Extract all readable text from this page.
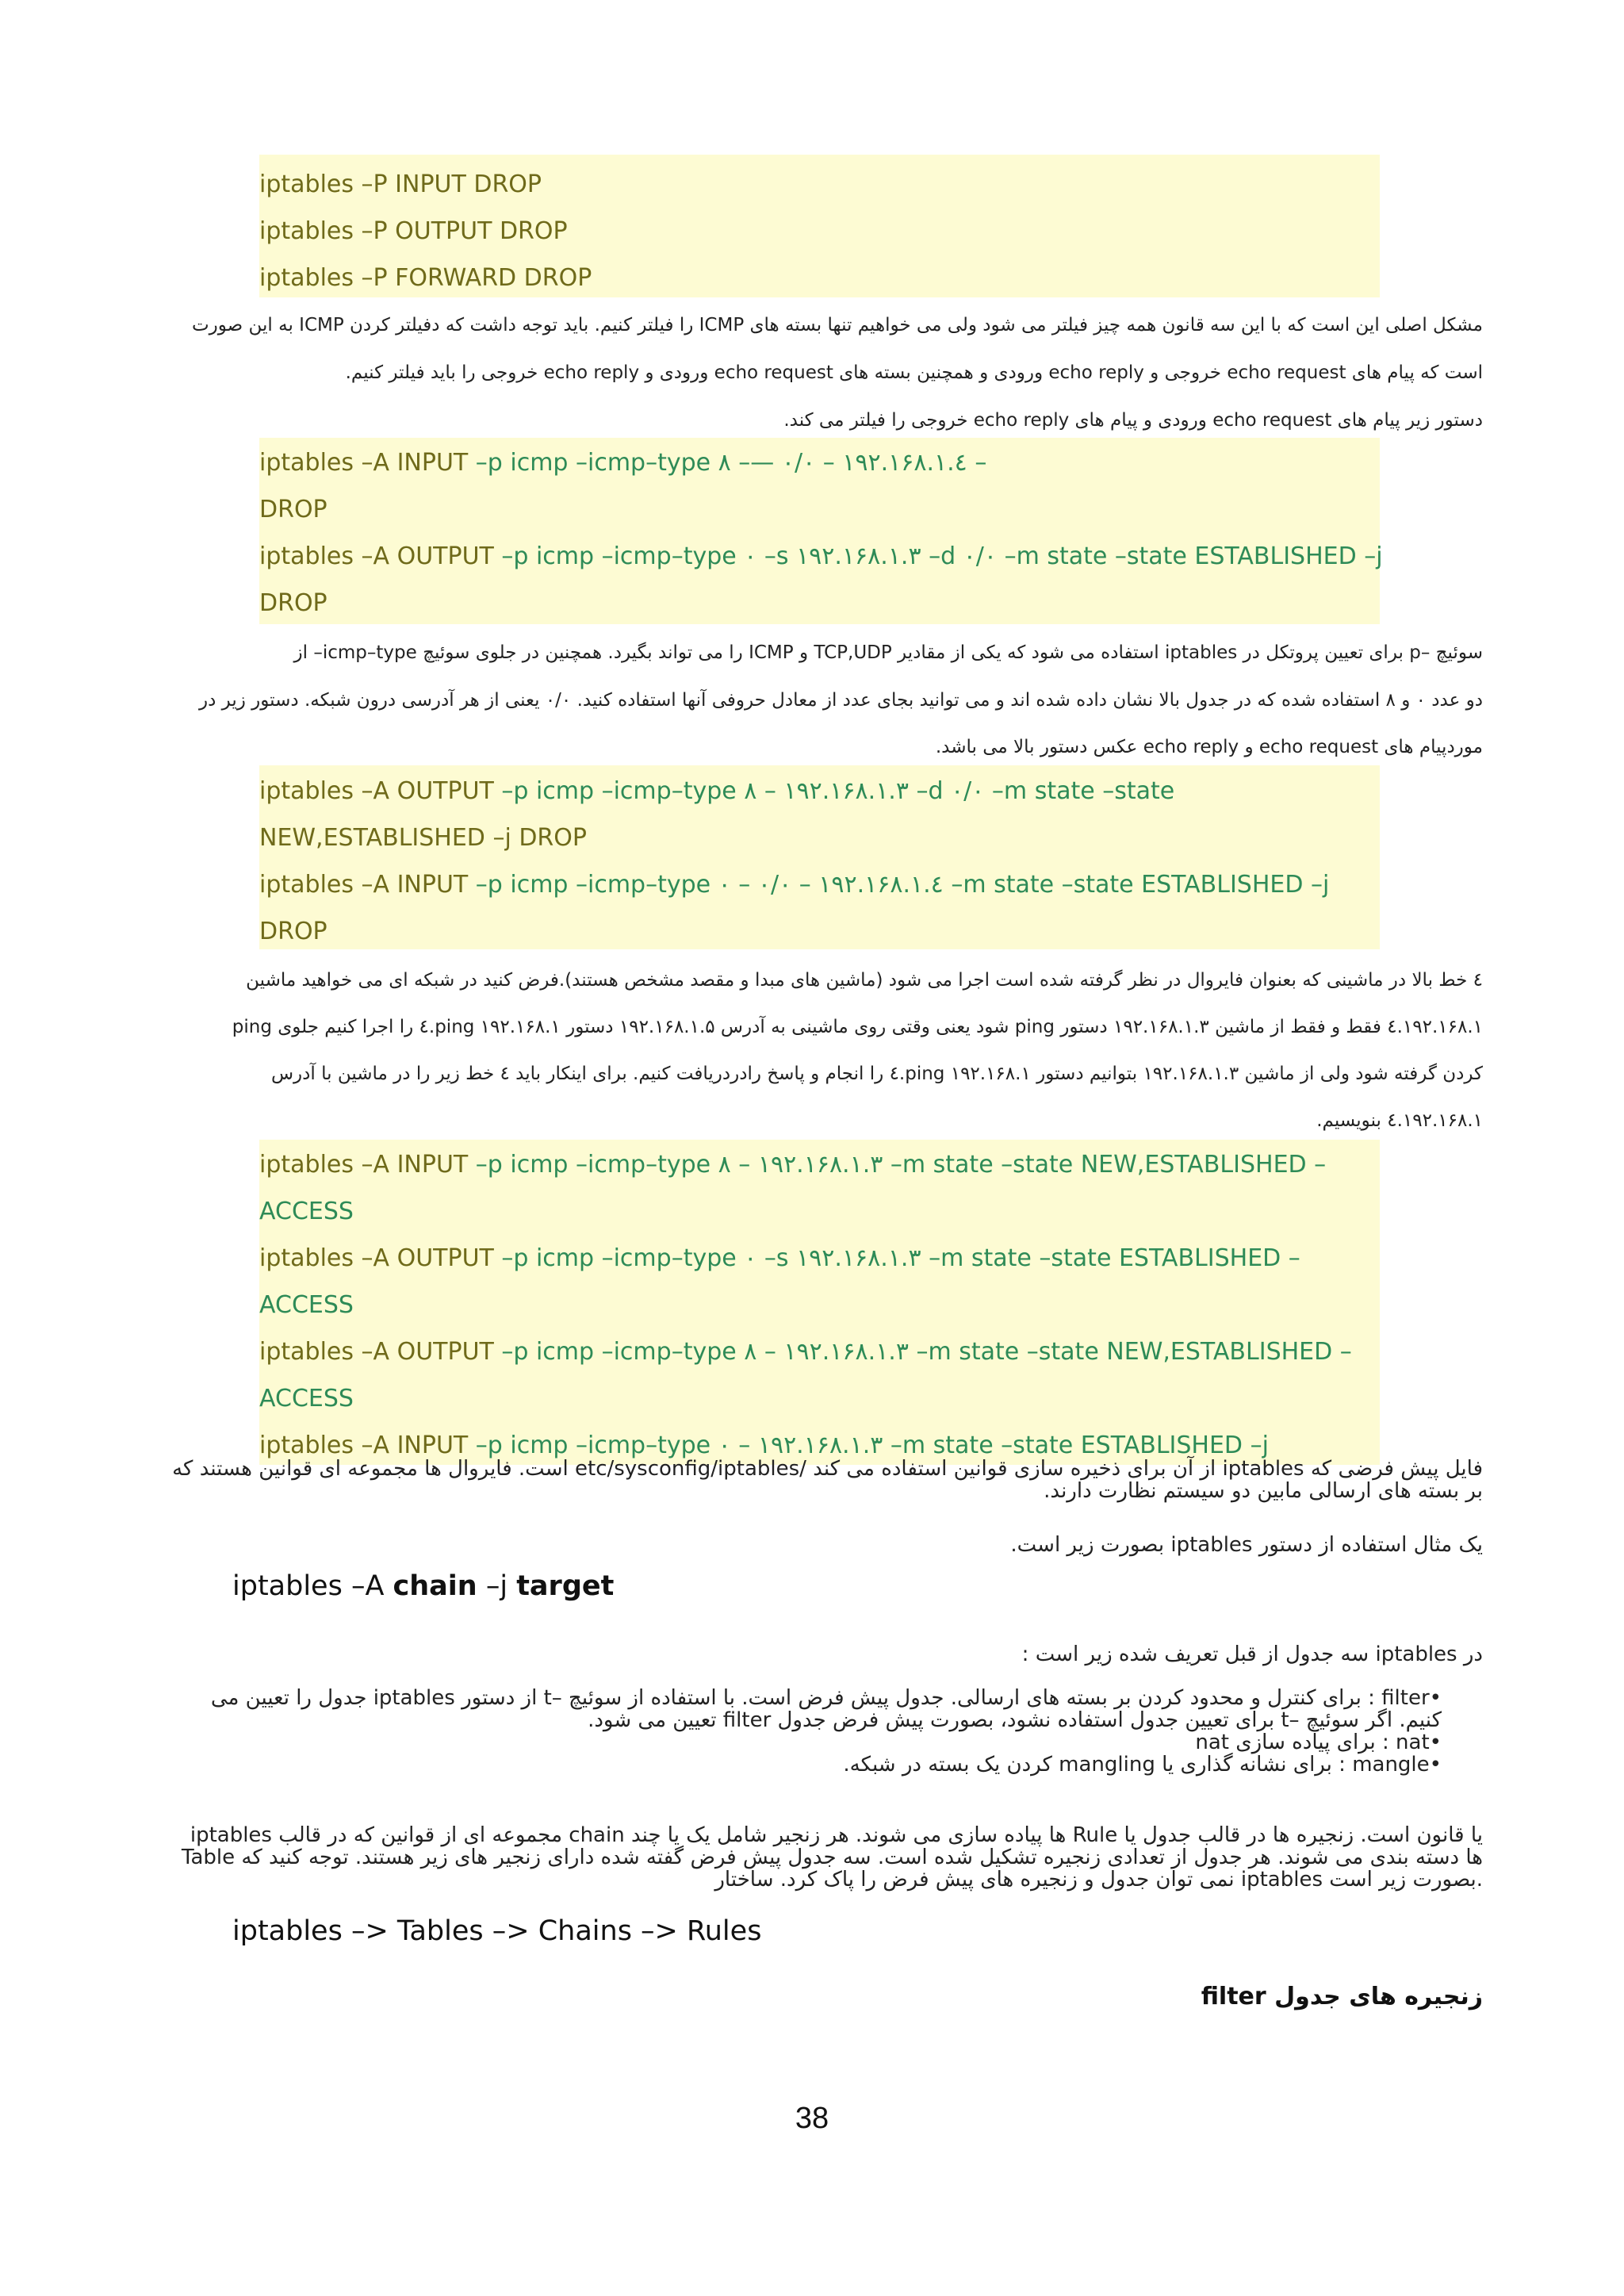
iptables –P INPUT DROP
iptables –P OUTPUT DROP
iptables –P FORWARD DROP
مشکل اصلی این است که با این سه قانون همه چیز فیلتر می شود ولی می خواهیم تنها بسته های ICMP را فیلتر کنیم. باید توجه داشت که دفیلتر کردن ICMP به این صورت
است که پیام های echo request خروجی و echo reply ورودی و همچنین بسته های echo request ورودی و echo reply خروجی را باید فیلتر کنیم.
دستور زیر پیام های echo request ورودی و پیام های echo reply خروجی را فیلتر می کند.
iptables –A INPUT –p icmp –icmp–type ۸ –— ۰/۰ – ۱۹۲.۱۶۸.۱.٤ –
DROP
iptables –A OUTPUT –p icmp –icmp–type ۰ –s ۱۹۲.۱۶۸.۱.۳ –d ۰/۰ –m state –state ESTABLISHED –j
DROP
سوئیچ –p برای تعیین پروتکل در iptables استفاده می شود که یکی از مقادیر TCP,UDP و ICMP را می تواند بگیرد. همچنین در جلوی سوئیچ icmp–type– از
دو عدد ۰ و ۸ استفاده شده که در جدول بالا نشان داده شده اند و می توانید بجای عدد از معادل حروفی آنها استفاده کنید. ۰/۰ یعنی از هر آدرسی درون شبکه. دستور زیر در
موردپیام های echo request و echo reply عکس دستور بالا می باشد.
iptables –A OUTPUT –p icmp –icmp–type ۸ – ۱۹۲.۱۶۸.۱.۳ –d ۰/۰ –m state –state
NEW,ESTABLISHED –j DROP
iptables –A INPUT –p icmp –icmp–type ۰ – ۰/۰ – ۱۹۲.۱۶۸.۱.٤ –m state –state ESTABLISHED –j
DROP
٤ خط بالا در ماشینی که بعنوان فایروال در نظر گرفته شده است اجرا می شود (ماشین های مبدا و مقصد مشخص هستند).فرض کنید در شبکه ای می خواهید ماشین
۱۹۲.۱۶۸.۱.٤ فقط و فقط از ماشین ۱۹۲.۱۶۸.۱.۳ دستور ping شود یعنی وقتی روی ماشینی به آدرس ۱۹۲.۱۶۸.۱.۵ دستور ping ۱۹۲.۱۶۸.۱.٤ را اجرا کنیم جلوی ping
کردن گرفته شود ولی از ماشین ۱۹۲.۱۶۸.۱.۳ بتوانیم دستور ping ۱۹۲.۱۶۸.۱.٤ را انجام و پاسخ رادردریافت کنیم. برای اینکار باید ٤ خط زیر را در ماشین با آدرس
۱۹۲.۱۶۸.۱.٤ بنویسیم.
iptables –A INPUT –p icmp –icmp–type ۸ – ۱۹۲.۱۶۸.۱.۳ –m state –state NEW,ESTABLISHED –
ACCESS
iptables –A OUTPUT –p icmp –icmp–type ۰ –s ۱۹۲.۱۶۸.۱.۳ –m state –state ESTABLISHED –
ACCESS
iptables –A OUTPUT –p icmp –icmp–type ۸ – ۱۹۲.۱۶۸.۱.۳ –m state –state NEW,ESTABLISHED –
ACCESS
iptables –A INPUT –p icmp –icmp–type ۰ – ۱۹۲.۱۶۸.۱.۳ –m state –state ESTABLISHED –j
فایل پیش فرضی که iptables از آن برای ذخیره سازی قوانین استفاده می کند /etc/sysconfig/iptables است. فایروال ها مجموعه ای قوانین هستند که بر بسته های ارسالی مابین دو سیستم نظارت دارند.
یک مثال استفاده از دستور iptables بصورت زیر است.
iptables –A chain –j target
در iptables سه جدول از قبل تعریف شده زیر است :
•filter : برای کنترل و محدود کردن بر بسته های ارسالی. جدول پیش فرض است. با استفاده از سوئیچ –t از دستور iptables جدول را تعیین می کنیم. اگر سوئیچ –t برای تعیین جدول استفاده نشود، بصورت پیش فرض جدول filter تعیین می شود.
•nat : برای پیاده سازی nat
•mangle : برای نشانه گذاری یا mangling کردن یک بسته در شبکه.
iptables مجموعه ای از قوانین که در قالب chain ها پیاده سازی می شوند. هر زنجیر شامل یک یا چند Rule یا قانون است. زنجیره ها در قالب جدول یا Table ها دسته بندی می شوند. هر جدول از تعدادی زنجیره تشکیل شده است. سه جدول پیش فرض گفته شده دارای زنجیر های زیر هستند. توجه کنید که نمی توان جدول و زنجیره های پیش فرض را پاک کرد. ساختار iptables بصورت زیر است.
iptables –> Tables –> Chains –> Rules
زنجیره های جدول filter
38
